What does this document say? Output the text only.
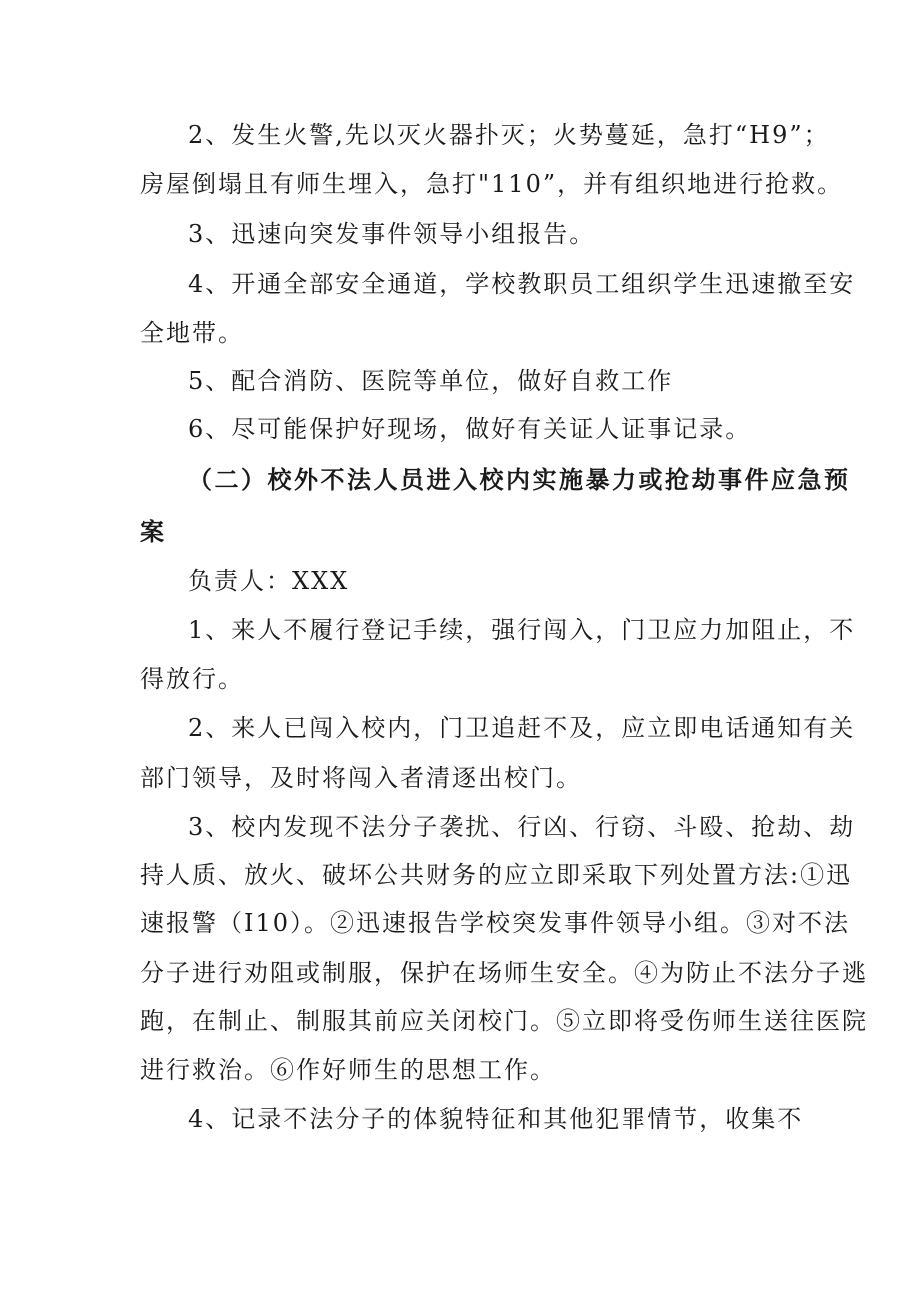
2、发生火警,先以灭火器扑灭；火势蔓延，急打“H9”；
房屋倒塌且有师生埋入，急打"110”，并有组织地进行抢救。
3、迅速向突发事件领导小组报告。
4、开通全部安全通道，学校教职员工组织学生迅速撤至安
全地带。
5、配合消防、医院等单位，做好自救工作
6、尽可能保护好现场，做好有关证人证事记录。
（二）校外不法人员进入校内实施暴力或抢劫事件应急预
案
负责人：XXX
1、来人不履行登记手续，强行闯入，门卫应力加阻止，不
得放行。
2、来人已闯入校内，门卫追赶不及，应立即电话通知有关
部门领导，及时将闯入者清逐出校门。
3、校内发现不法分子袭扰、行凶、行窃、斗殴、抢劫、劫
持人质、放火、破坏公共财务的应立即采取下列处置方法:①迅
速报警（I10）。②迅速报告学校突发事件领导小组。③对不法
分子进行劝阻或制服，保护在场师生安全。④为防止不法分子逃
跑，在制止、制服其前应关闭校门。⑤立即将受伤师生送往医院
进行救治。⑥作好师生的思想工作。
4、记录不法分子的体貌特征和其他犯罪情节，收集不
